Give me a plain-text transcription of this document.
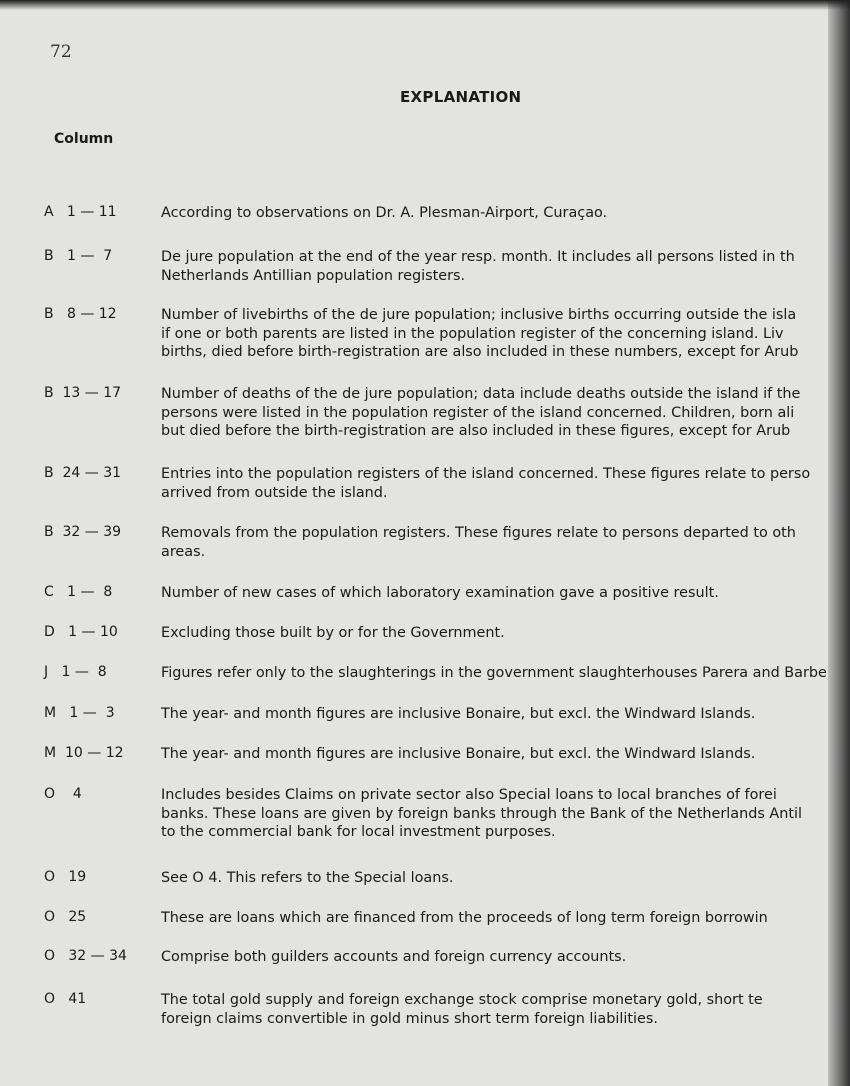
72
EXPLANATION
Column
A   1 — 11	According to observations on Dr. A. Plesman-Airport, Curaçao.
B   1 —  7	De jure population at the end of the year resp. month. It includes all persons listed in th
Netherlands Antillian population registers.
B   8 — 12	Number of livebirths of the de jure population; inclusive births occurring outside the isla
if one or both parents are listed in the population register of the concerning island. Liv
births, died before birth-registration are also included in these numbers, except for Arub
B  13 — 17	Number of deaths of the de jure population; data include deaths outside the island if the
persons were listed in the population register of the island concerned. Children, born ali
but died before the birth-registration are also included in these figures, except for Arub
B  24 — 31	Entries into the population registers of the island concerned. These figures relate to perso
arrived from outside the island.
B  32 — 39	Removals from the population registers. These figures relate to persons departed to oth
areas.
C   1 —  8	Number of new cases of which laboratory examination gave a positive result.
D   1 — 10	Excluding those built by or for the Government.
J   1 —  8	Figures refer only to the slaughterings in the government slaughterhouses Parera and Barbe
M   1 —  3	The year- and month figures are inclusive Bonaire, but excl. the Windward Islands.
M  10 — 12	The year- and month figures are inclusive Bonaire, but excl. the Windward Islands.
O    4	Includes besides Claims on private sector also Special loans to local branches of forei
banks. These loans are given by foreign banks through the Bank of the Netherlands Antil
to the commercial bank for local investment purposes.
O   19	See O 4. This refers to the Special loans.
O   25	These are loans which are financed from the proceeds of long term foreign borrowin
O   32 — 34 Comprise both guilders accounts and foreign currency accounts.
O   41	The total gold supply and foreign exchange stock comprise monetary gold, short te
foreign claims convertible in gold minus short term foreign liabilities.
